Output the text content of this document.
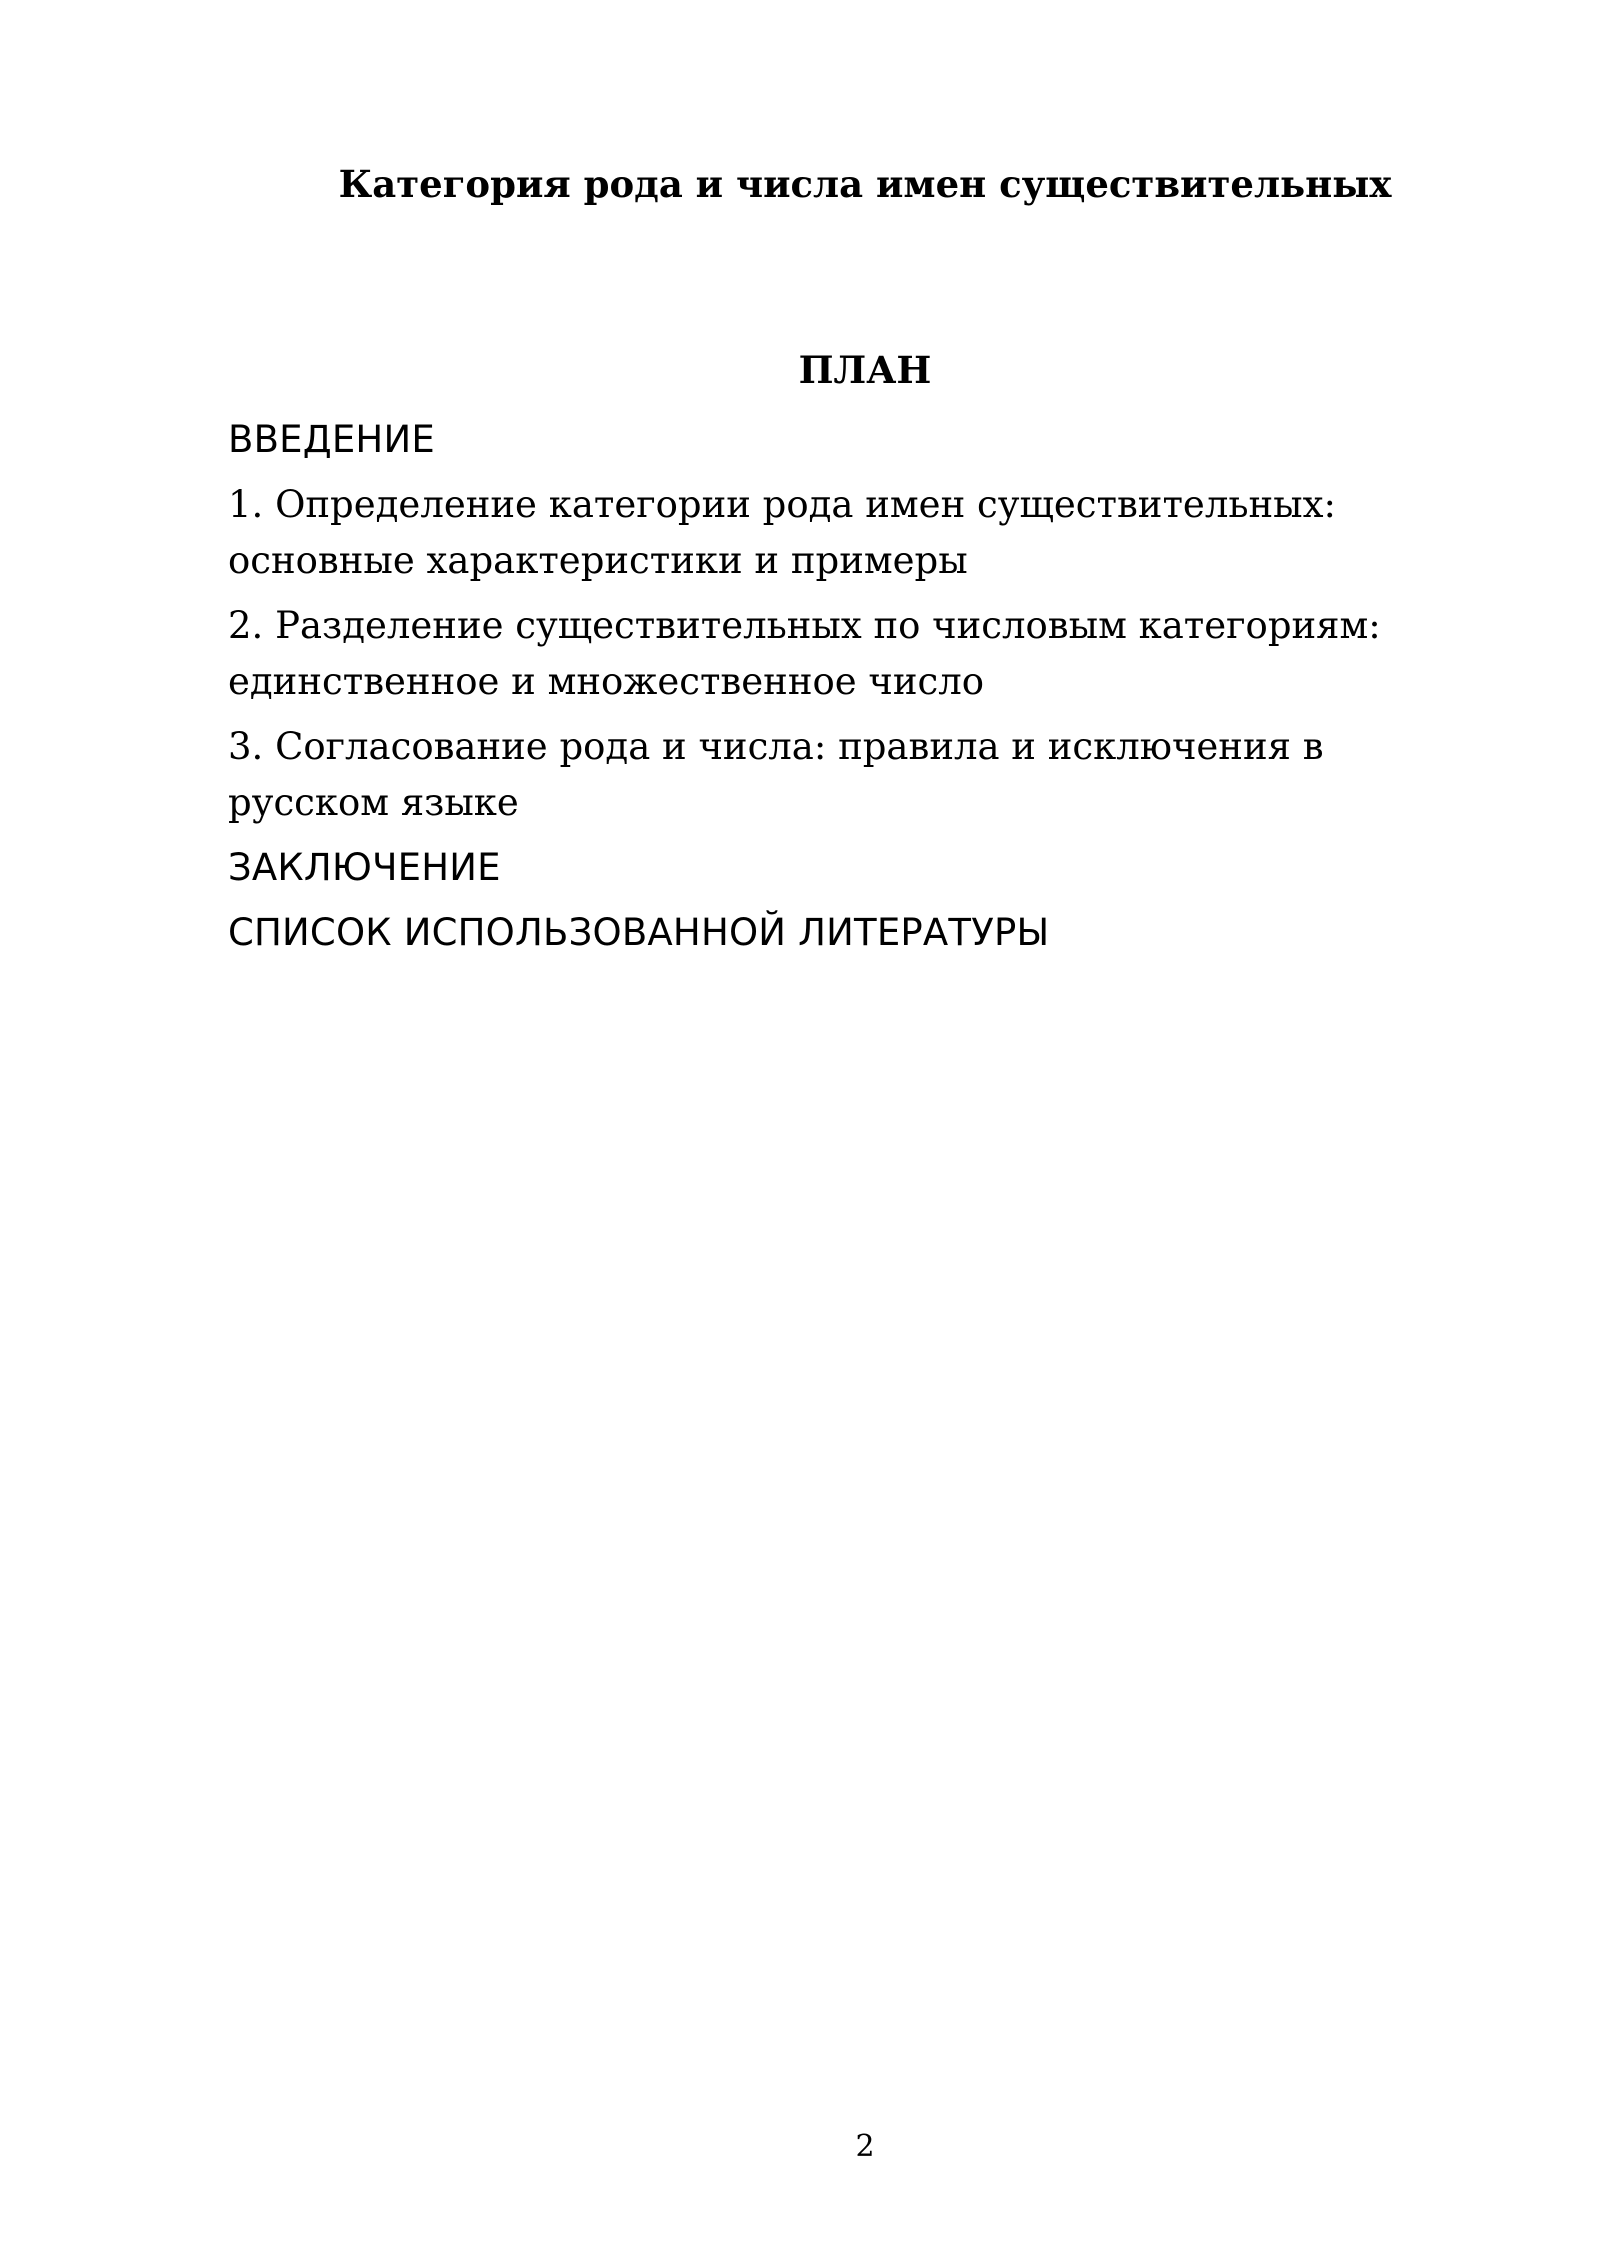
Категория рода и числа имен существительных
ПЛАН
ВВЕДЕНИЕ
1. Определение категории рода имен существительных: основные характеристики и примеры
2. Разделение существительных по числовым категориям: единственное и множественное число
3. Согласование рода и числа: правила и исключения в русском языке
ЗАКЛЮЧЕНИЕ
СПИСОК ИСПОЛЬЗОВАННОЙ ЛИТЕРАТУРЫ
2
